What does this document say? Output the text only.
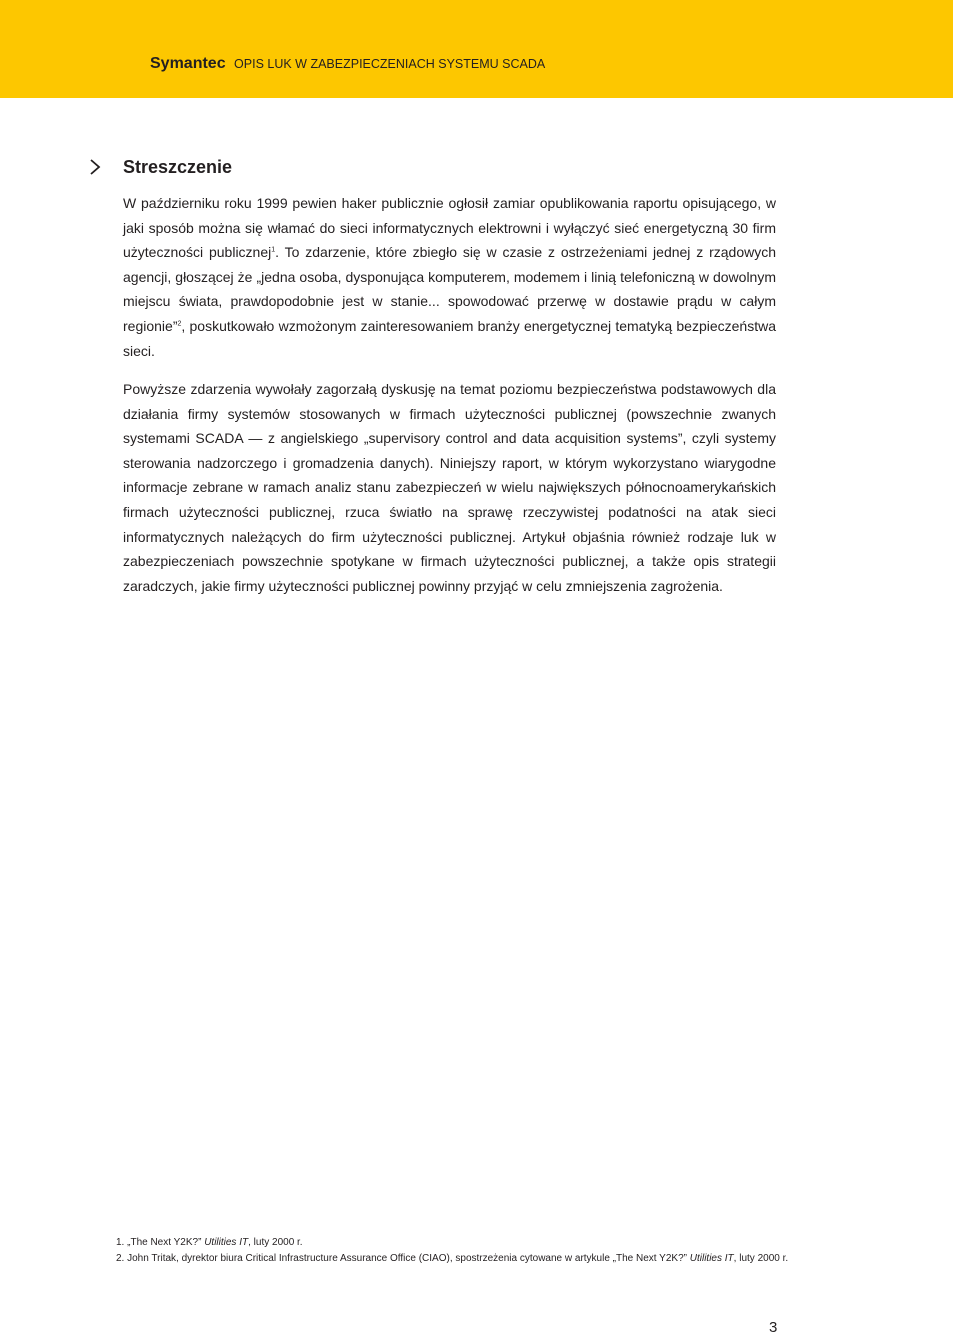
Symantec OPIS LUK W ZABEZPIECZENIACH SYSTEMU SCADA
Streszczenie

W październiku roku 1999 pewien haker publicznie ogłosił zamiar opublikowania raportu opisującego, w jaki sposób można się włamać do sieci informatycznych elektrowni i wyłączyć sieć energetyczną 30 firm użyteczności publicznej$^1$. To zdarzenie, które zbiegło się w czasie z ostrzeżeniami jednej z rządowych agencji, głoszącej że „jedna osoba, dysponująca komputerem, modemem i linią telefoniczną w dowolnym miejscu świata, prawdopodobnie jest w stanie... spowodować przerwę w dostawie prądu w całym regionie”$^2$, poskutkowało wzmożonym zainteresowaniem branży energetycznej tematyką bezpieczeństwa sieci.

Powyższe zdarzenia wywołały zagorzałą dyskusję na temat poziomu bezpieczeństwa podstawowych dla działania firmy systemów stosowanych w firmach użyteczności publicznej (powszechnie zwanych systemami SCADA — z angielskiego „supervisory control and data acquisition systems”, czyli systemy sterowania nadzorczego i gromadzenia danych). Niniejszy raport, w którym wykorzystano wiarygodne informacje zebrane w ramach analiz stanu zabezpieczeń w wielu największych północnoamerykańskich firmach użyteczności publicznej, rzuca światło na sprawę rzeczywistej podatności na atak sieci informatycznych należących do firm użyteczności publicznej. Artykuł objaśnia również rodzaje luk w zabezpieczeniach powszechnie spotykane w firmach użyteczności publicznej, a także opis strategii zaradczych, jakie firmy użyteczności publicznej powinny przyjąć w celu zmniejszenia zagrożenia.

1. „The Next Y2K?” Utilities IT, luty 2000 r.
2. John Tritak, dyrektor biura Critical Infrastructure Assurance Office (CIAO), spostrzeżenia cytowane w artykule „The Next Y2K?” Utilities IT, luty 2000 r.
3
